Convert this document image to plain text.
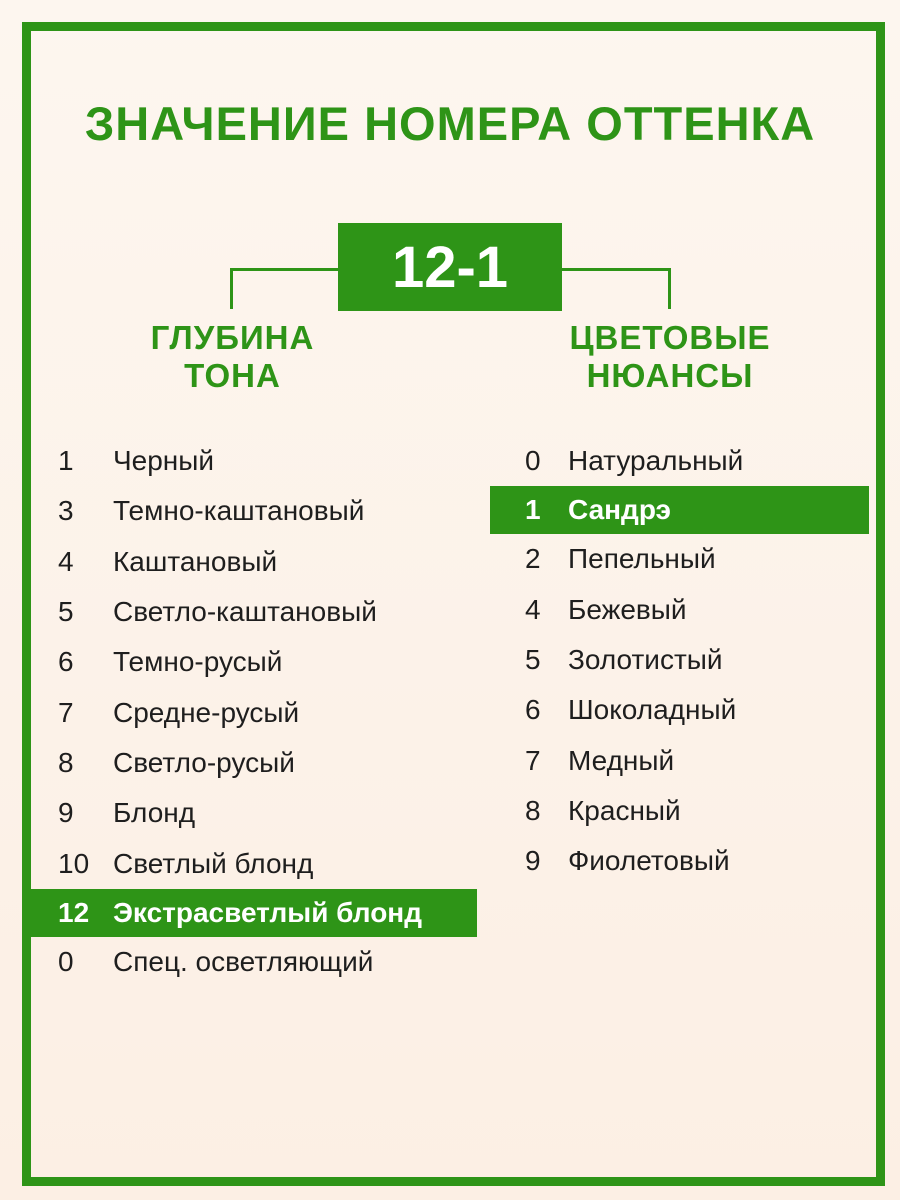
ЗНАЧЕНИЕ НОМЕРА ОТТЕНКА
12-1
ГЛУБИНА
ТОНА
ЦВЕТОВЫЕ
НЮАНСЫ
1 Черный
3 Темно-каштановый
4 Каштановый
5 Светло-каштановый
6 Темно-русый
7 Средне-русый
8 Светло-русый
9 Блонд
10 Светлый блонд
12 Экстрасветлый блонд
0 Спец. осветляющий
0 Натуральный
1 Сандрэ
2 Пепельный
4 Бежевый
5 Золотистый
6 Шоколадный
7 Медный
8 Красный
9 Фиолетовый
